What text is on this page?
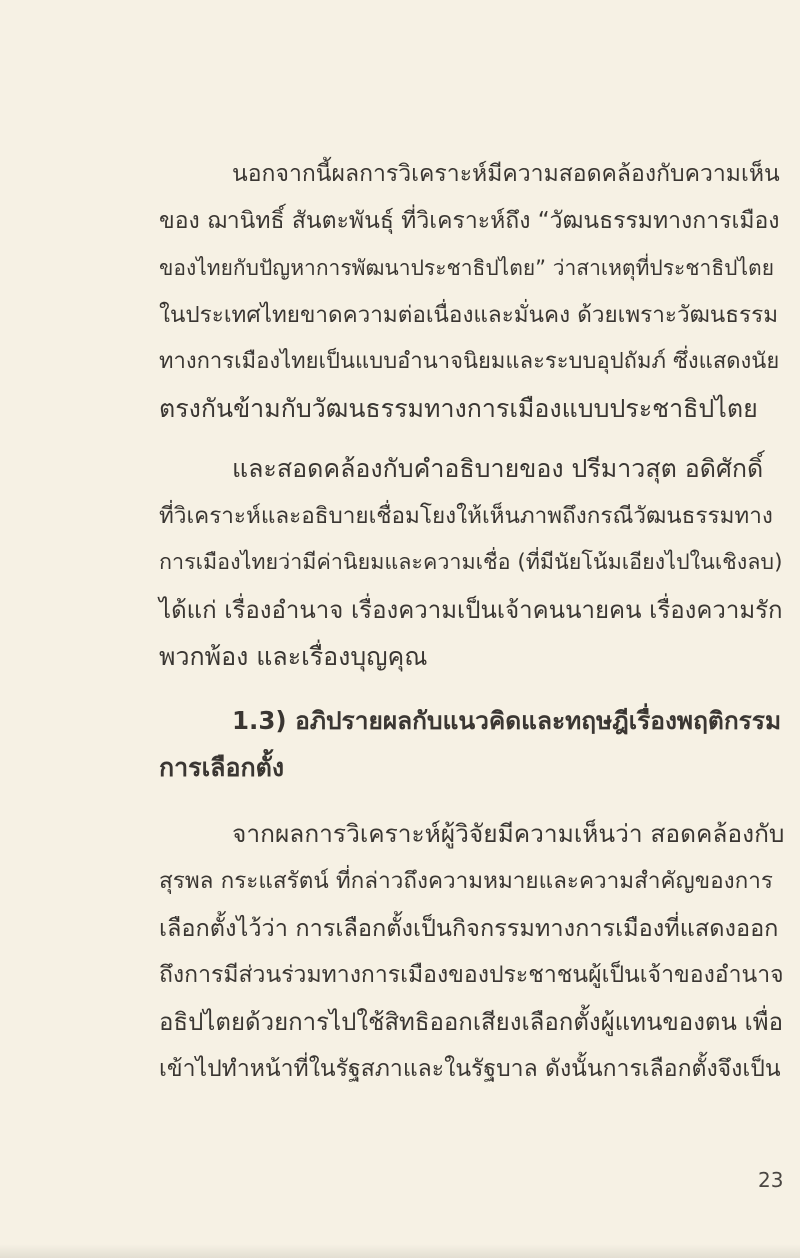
นอกจากนี้ผลการวิเคราะห์มีความสอดคล้องกับความเห็น
ของ ฌานิทธิ์ สันตะพันธุ์ ที่วิเคราะห์ถึง “วัฒนธรรมทางการเมือง
ของไทยกับปัญหาการพัฒนาประชาธิปไตย” ว่าสาเหตุที่ประชาธิปไตย
ในประเทศไทยขาดความต่อเนื่องและมั่นคง ด้วยเพราะวัฒนธรรม
ทางการเมืองไทยเป็นแบบอำนาจนิยมและระบบอุปถัมภ์ ซึ่งแสดงนัย
ตรงกันข้ามกับวัฒนธรรมทางการเมืองแบบประชาธิปไตย
และสอดคล้องกับคำอธิบายของ ปรีมาวสุต อดิศักดิ์
ที่วิเคราะห์และอธิบายเชื่อมโยงให้เห็นภาพถึงกรณีวัฒนธรรมทาง
การเมืองไทยว่ามีค่านิยมและความเชื่อ (ที่มีนัยโน้มเอียงไปในเชิงลบ)
ได้แก่ เรื่องอำนาจ เรื่องความเป็นเจ้าคนนายคน เรื่องความรัก
พวกพ้อง และเรื่องบุญคุณ
1.3) อภิปรายผลกับแนวคิดและทฤษฎีเรื่องพฤติกรรม
การเลือกตั้ง
จากผลการวิเคราะห์ผู้วิจัยมีความเห็นว่า สอดคล้องกับ
สุรพล กระแสรัตน์ ที่กล่าวถึงความหมายและความสำคัญของการ
เลือกตั้งไว้ว่า การเลือกตั้งเป็นกิจกรรมทางการเมืองที่แสดงออก
ถึงการมีส่วนร่วมทางการเมืองของประชาชนผู้เป็นเจ้าของอำนาจ
อธิปไตยด้วยการไปใช้สิทธิออกเสียงเลือกตั้งผู้แทนของตน เพื่อ
เข้าไปทำหน้าที่ในรัฐสภาและในรัฐบาล ดังนั้นการเลือกตั้งจึงเป็น
23
